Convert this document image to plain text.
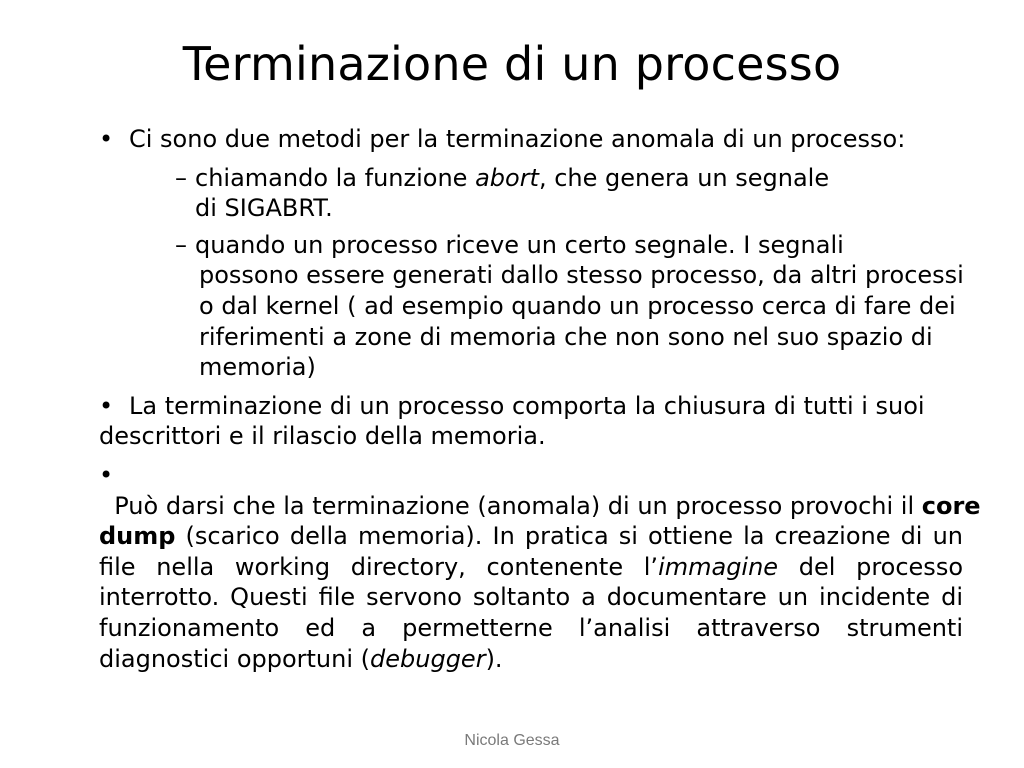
Terminazione di un processo

• Ci sono due metodi per la terminazione anomala di un processo:

– chiamando la funzione abort, che genera un segnale
di SIGABRT.
– quando un processo riceve un certo segnale. I segnali
possono essere generati dallo stesso processo, da altri processi o dal kernel ( ad esempio quando un processo cerca di fare dei riferimenti a zone di memoria che non sono nel suo spazio di memoria)

• La terminazione di un processo comporta la chiusura di tutti i suoi descrittori e il rilascio della memoria.

•  Può darsi che la terminazione (anomala) di un processo provochi il core dump (scarico della memoria). In pratica si ottiene la creazione di un file nella working directory, contenente l’immagine del processo interrotto. Questi file servono soltanto a documentare un incidente di funzionamento ed a permetterne l’analisi attraverso strumenti diagnostici opportuni (debugger).

Nicola Gessa
